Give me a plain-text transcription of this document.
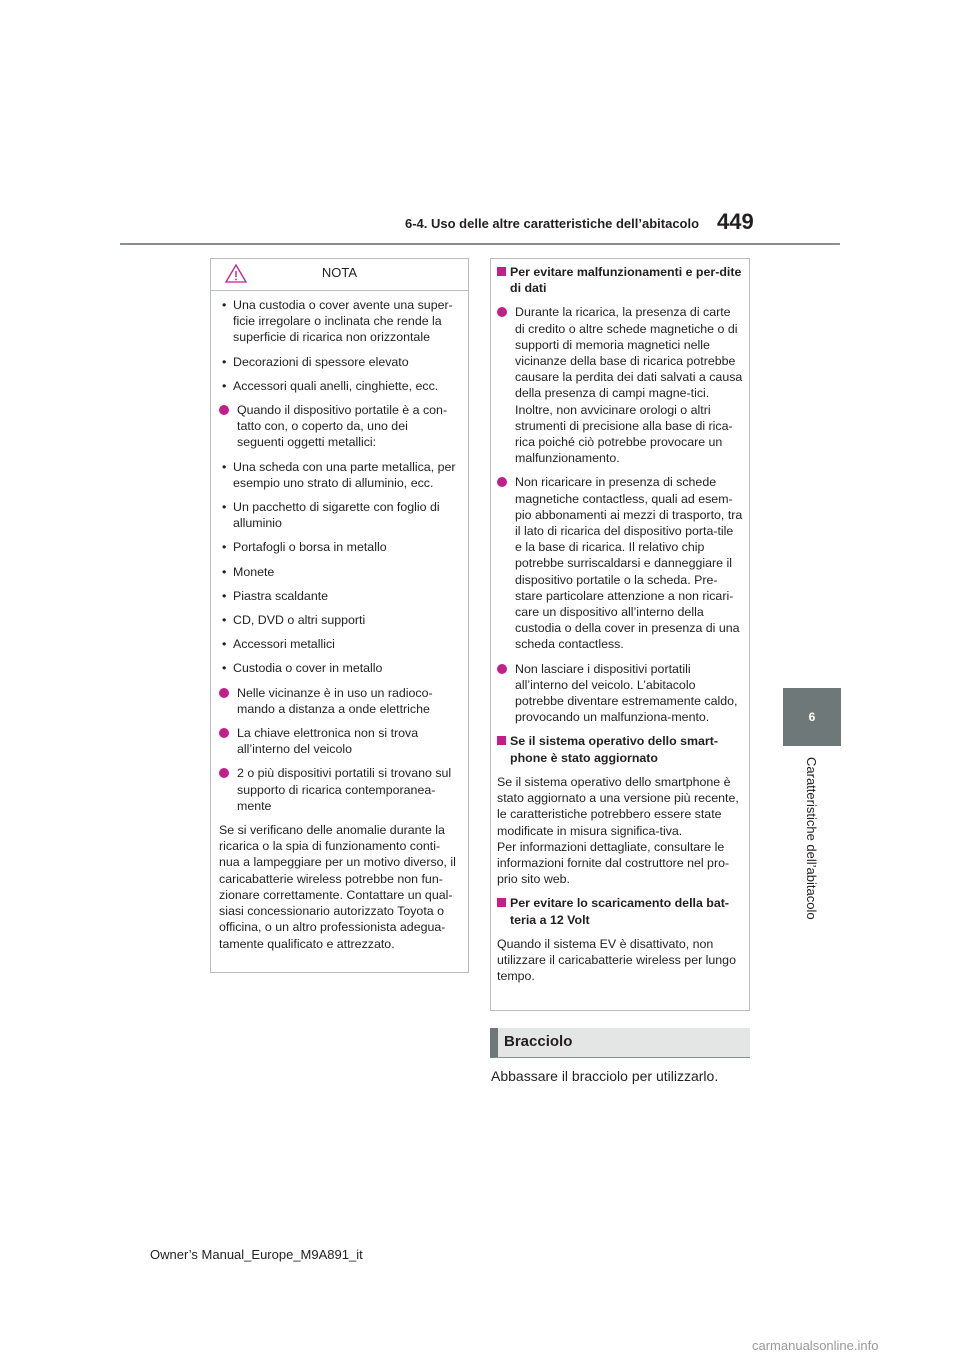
6-4. Uso delle altre caratteristiche dell’abitacolo 449
6
Caratteristiche dell’abitacolo
NOTA
• Una custodia o cover avente una super-ficie irregolare o inclinata che rende la superficie di ricarica non orizzontale
• Decorazioni di spessore elevato
• Accessori quali anelli, cinghiette, ecc.
Quando il dispositivo portatile è a con-tatto con, o coperto da, uno dei seguenti oggetti metallici:
• Una scheda con una parte metallica, per esempio uno strato di alluminio, ecc.
• Un pacchetto di sigarette con foglio di alluminio
• Portafogli o borsa in metallo
• Monete
• Piastra scaldante
• CD, DVD o altri supporti
• Accessori metallici
• Custodia o cover in metallo
Nelle vicinanze è in uso un radioco-mando a distanza a onde elettriche
La chiave elettronica non si trova all’interno del veicolo
2 o più dispositivi portatili si trovano sul supporto di ricarica contemporanea-mente
Se si verificano delle anomalie durante la ricarica o la spia di funzionamento conti-nua a lampeggiare per un motivo diverso, il caricabatterie wireless potrebbe non fun-zionare correttamente. Contattare un qual-siasi concessionario autorizzato Toyota o officina, o un altro professionista adegua-tamente qualificato e attrezzato.
Per evitare malfunzionamenti e per-dite di dati
Durante la ricarica, la presenza di carte di credito o altre schede magnetiche o di supporti di memoria magnetici nelle vicinanze della base di ricarica potrebbe causare la perdita dei dati salvati a causa della presenza di campi magne-tici. Inoltre, non avvicinare orologi o altri strumenti di precisione alla base di rica-rica poiché ciò potrebbe provocare un malfunzionamento.
Non ricaricare in presenza di schede magnetiche contactless, quali ad esem-pio abbonamenti ai mezzi di trasporto, tra il lato di ricarica del dispositivo porta-tile e la base di ricarica. Il relativo chip potrebbe surriscaldarsi e danneggiare il dispositivo portatile o la scheda. Pre-stare particolare attenzione a non ricari-care un dispositivo all’interno della custodia o della cover in presenza di una scheda contactless.
Non lasciare i dispositivi portatili all’interno del veicolo. L’abitacolo potrebbe diventare estremamente caldo, provocando un malfunziona-mento.
Se il sistema operativo dello smart-phone è stato aggiornato
Se il sistema operativo dello smartphone è stato aggiornato a una versione più recente, le caratteristiche potrebbero essere state modificate in misura significa-tiva.
Per informazioni dettagliate, consultare le informazioni fornite dal costruttore nel pro-prio sito web.
Per evitare lo scaricamento della bat-teria a 12 Volt
Quando il sistema EV è disattivato, non utilizzare il caricabatterie wireless per lungo tempo.
Bracciolo
Abbassare il bracciolo per utilizzarlo.
Owner’s Manual_Europe_M9A891_it
carmanualsonline.info
